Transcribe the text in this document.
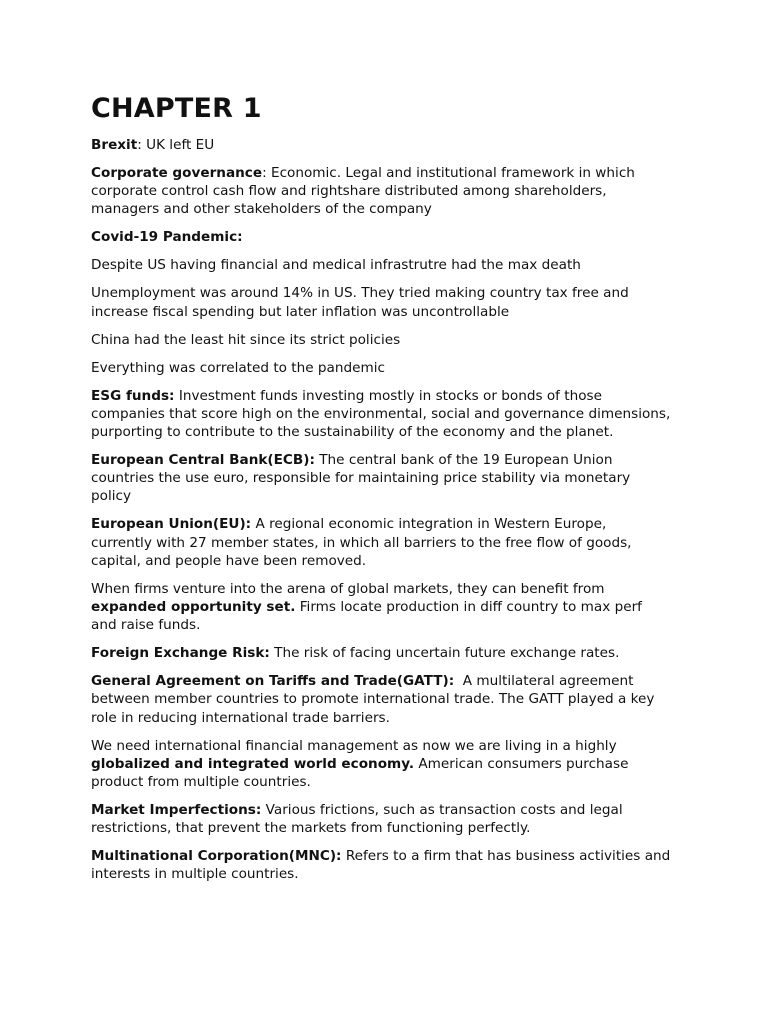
CHAPTER 1

Brexit: UK left EU

Corporate governance: Economic. Legal and institutional framework in which corporate control cash flow and rightshare distributed among shareholders, managers and other stakeholders of the company

Covid-19 Pandemic:

Despite US having financial and medical infrastrutre had the max death

Unemployment was around 14% in US. They tried making country tax free and increase fiscal spending but later inflation was uncontrollable

China had the least hit since its strict policies

Everything was correlated to the pandemic

ESG funds: Investment funds investing mostly in stocks or bonds of those companies that score high on the environmental, social and governance dimensions, purporting to contribute to the sustainability of the economy and the planet.

European Central Bank(ECB): The central bank of the 19 European Union countries the use euro, responsible for maintaining price stability via monetary policy

European Union(EU): A regional economic integration in Western Europe, currently with 27 member states, in which all barriers to the free flow of goods, capital, and people have been removed.

When firms venture into the arena of global markets, they can benefit from expanded opportunity set. Firms locate production in diff country to max perf and raise funds.

Foreign Exchange Risk: The risk of facing uncertain future exchange rates.

General Agreement on Tariffs and Trade(GATT):  A multilateral agreement between member countries to promote international trade. The GATT played a key role in reducing international trade barriers.

We need international financial management as now we are living in a highly globalized and integrated world economy. American consumers purchase product from multiple countries.

Market Imperfections: Various frictions, such as transaction costs and legal restrictions, that prevent the markets from functioning perfectly.

Multinational Corporation(MNC): Refers to a firm that has business activities and interests in multiple countries.
